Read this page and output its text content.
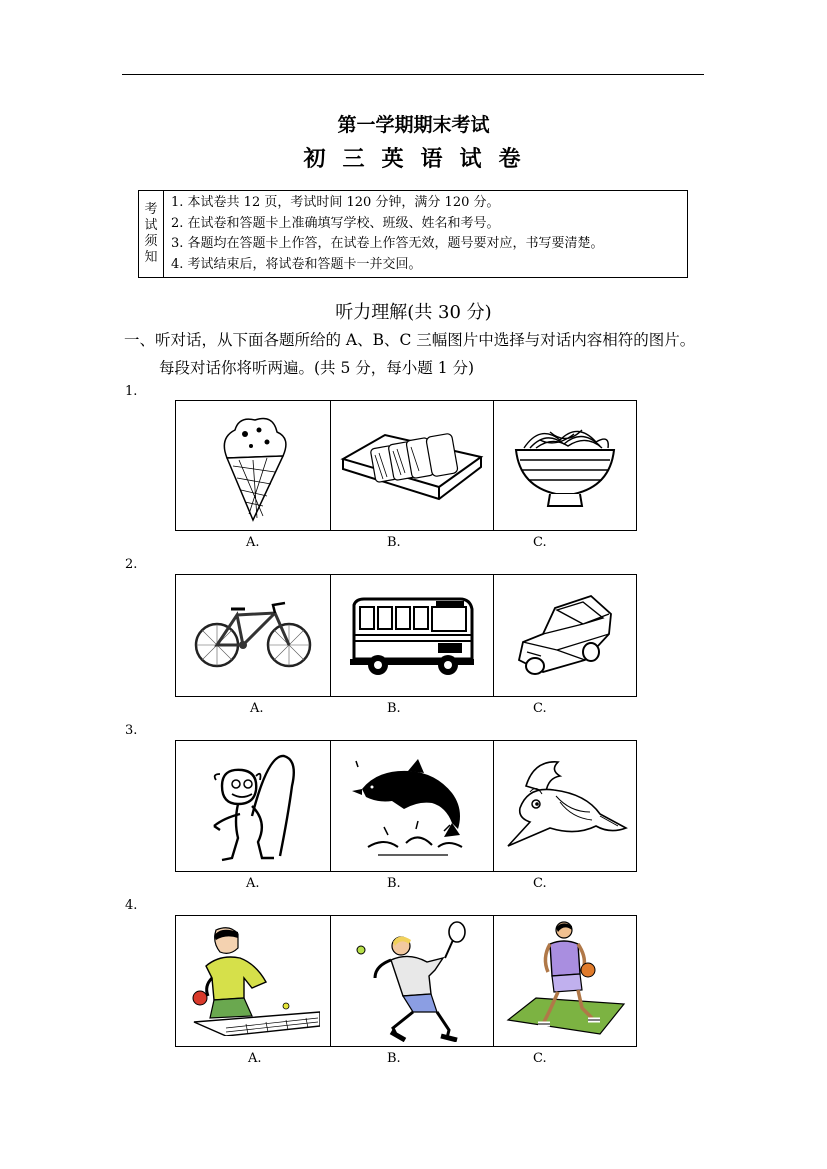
第一学期期末考试
初三英语试卷
考
试
须
知
1. 本试卷共 12 页，考试时间 120 分钟，满分 120 分。
2. 在试卷和答题卡上准确填写学校、班级、姓名和考号。
3. 各题均在答题卡上作答，在试卷上作答无效，题号要对应，书写要清楚。
4. 考试结束后，将试卷和答题卡一并交回。
听力理解(共 30 分)
一、听对话，从下面各题所给的 A、B、C 三幅图片中选择与对话内容相符的图片。
每段对话你将听两遍。(共 5 分，每小题 1 分)
1.
A.	B.	C.
2.
A.	B.	C.
3.
A.	B.	C.
4.
A.	B.	C.
